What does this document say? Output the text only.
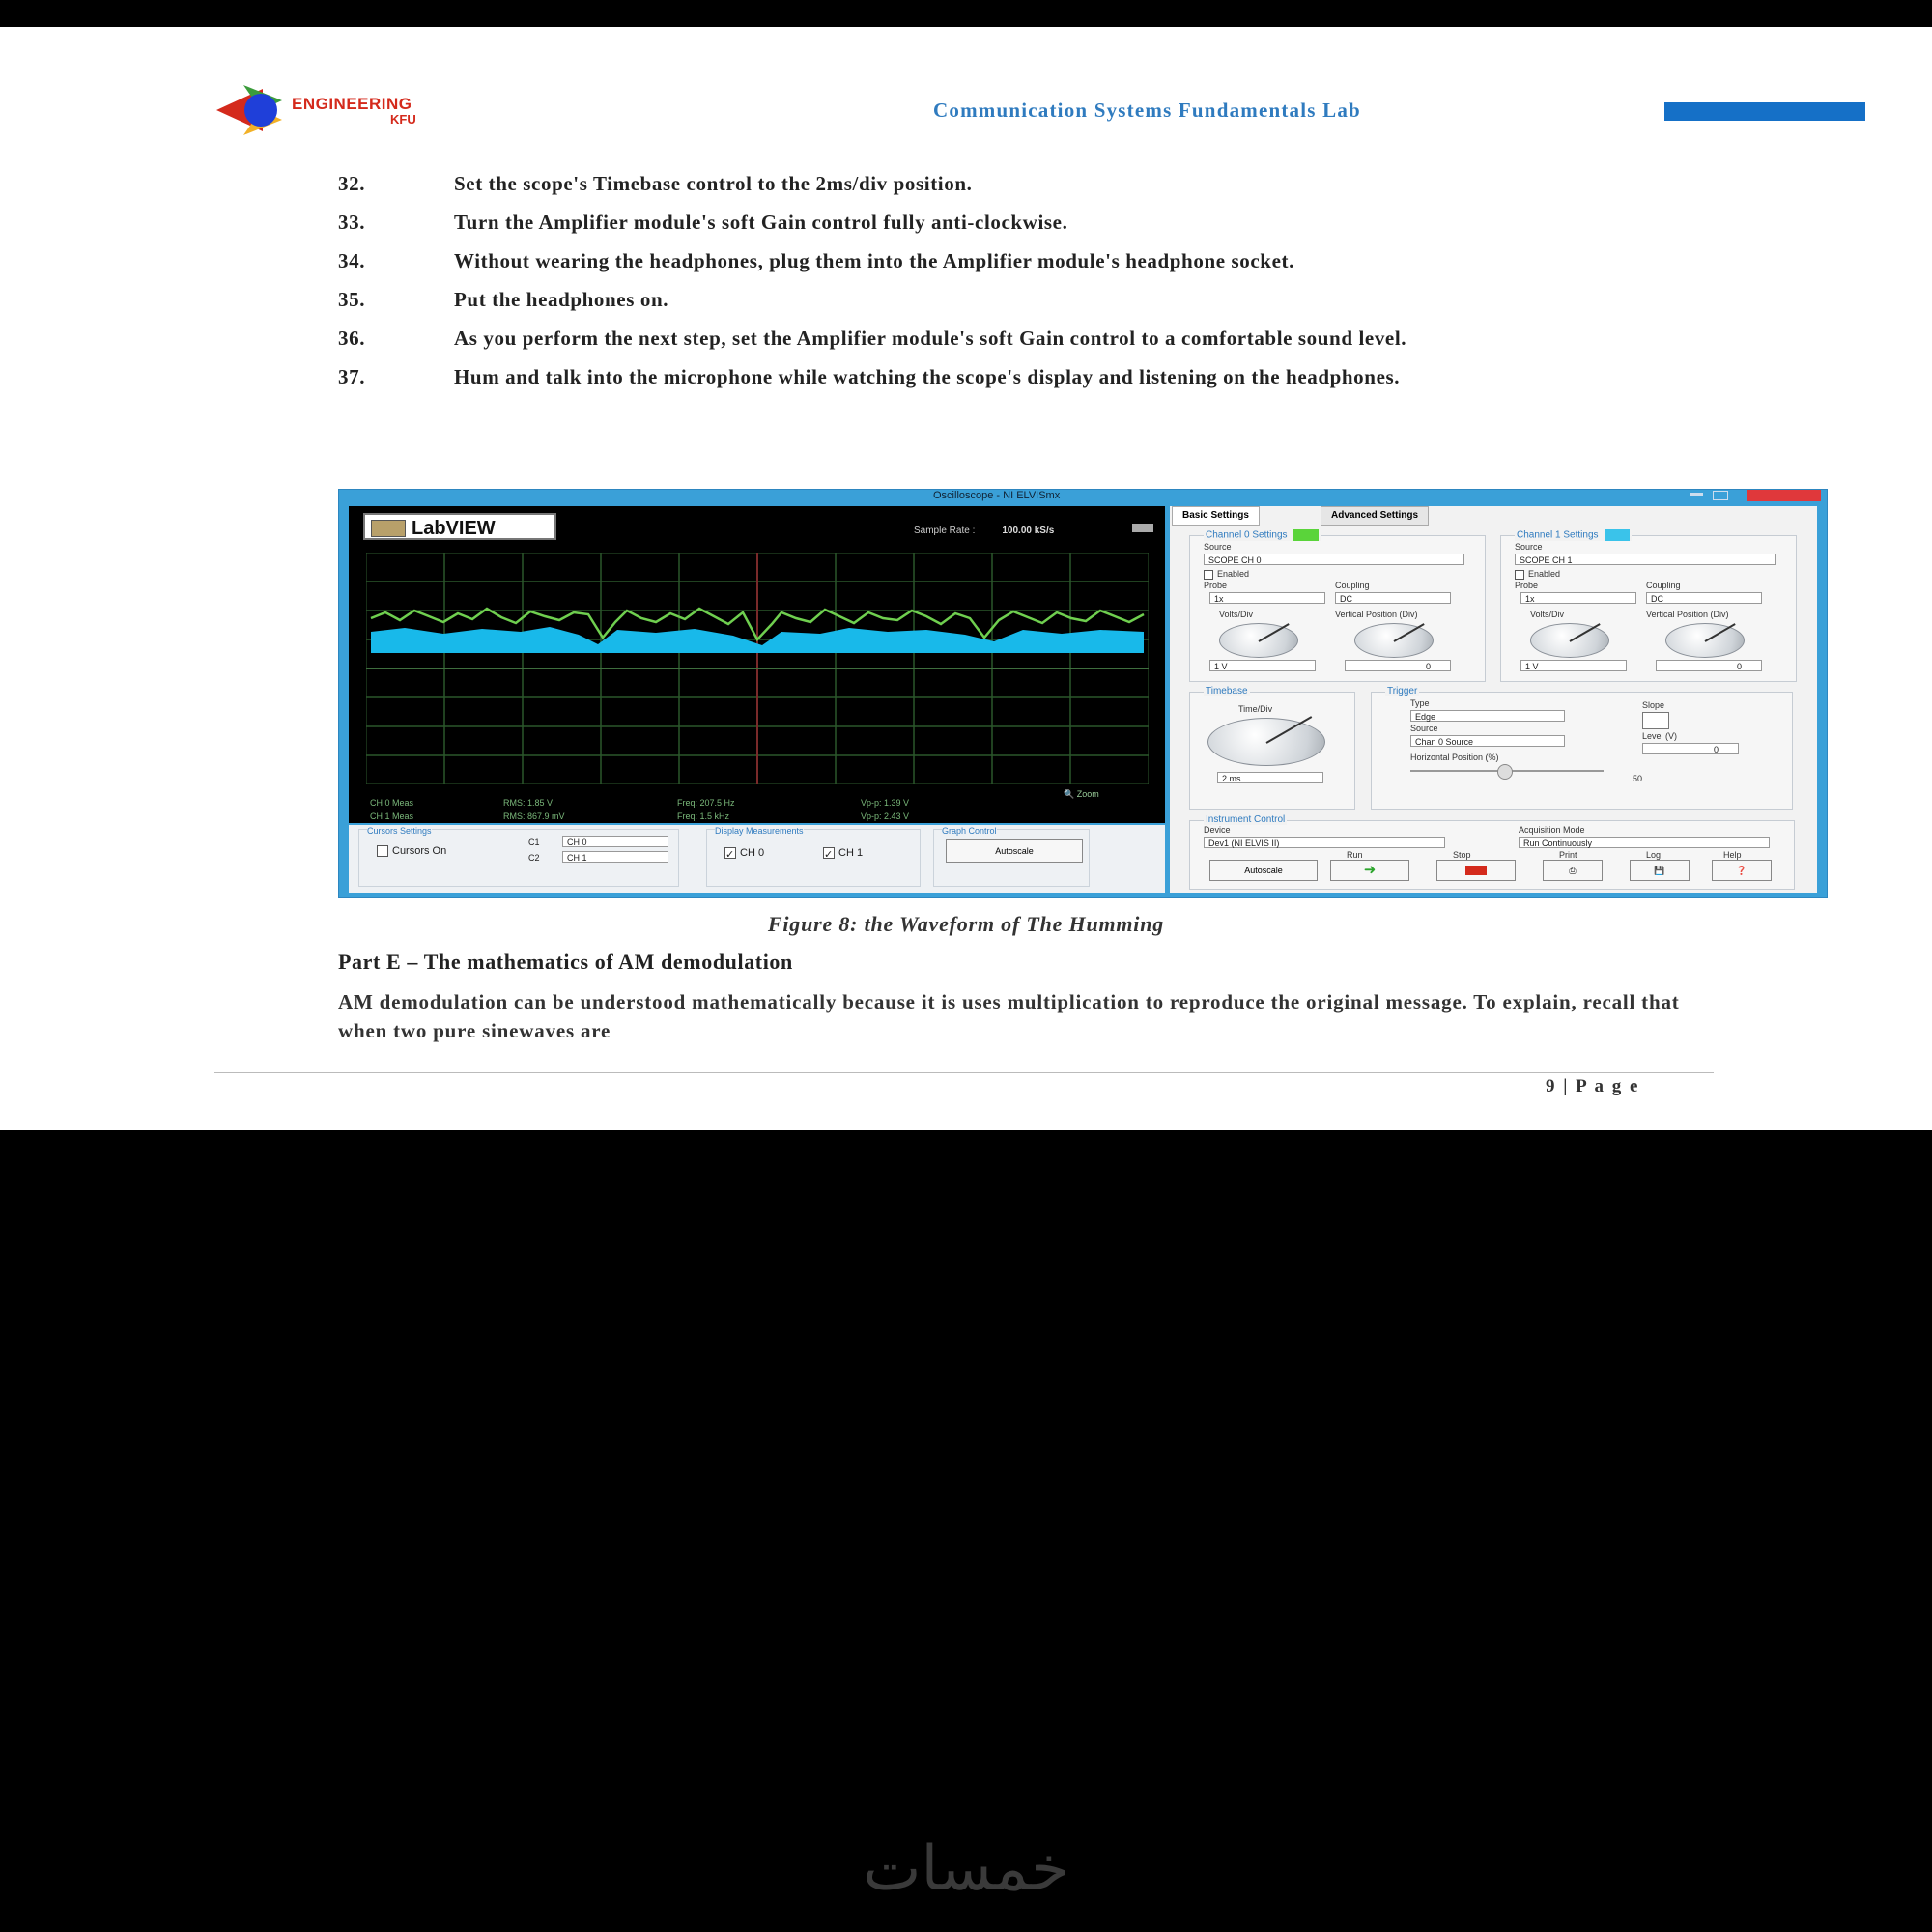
ENGINEERING
KFU	Communication Systems Fundamentals Lab
32.	Set the scope's Timebase control to the 2ms/div position.
33.	Turn the Amplifier module's soft Gain control fully anti-clockwise.
34.	Without wearing the headphones, plug them into the Amplifier module's headphone socket.
35.	Put the headphones on.
36.	As you perform the next step, set the Amplifier module's soft Gain control to a comfortable sound level.
37.	Hum and talk into the microphone while watching the scope's display and listening on the headphones.
Oscilloscope - NI ELVISmx
LabVIEW	Sample Rate :	100.00 kS/s
🔍 Zoom
CH 0 Meas	RMS: 1.85 V	Freq: 207.5 Hz	Vp-p: 1.39 V
CH 1 Meas	RMS: 867.9 mV	Freq: 1.5 kHz	Vp-p: 2.43 V
Cursors Settings
Cursors On
C1
C2
CH 0
CH 1
Display Measurements
✓ CH 0	✓ CH 1
Graph Control
Autoscale
Basic Settings	Advanced Settings
Channel 0 Settings
Source
SCOPE CH 0
Enabled
Probe
1x
Coupling
DC
Volts/Div	Vertical Position (Div)
1 V	0
Channel 1 Settings
Source
SCOPE CH 1
Enabled
Probe
1x
Coupling
DC
Volts/Div	Vertical Position (Div)
1 V	0
Timebase
Time/Div
2 ms
Trigger
Type
Edge
Source
Chan 0 Source
Horizontal Position (%)
50
Slope
Level (V)
0
Instrument Control
Device
Dev1 (NI ELVIS II)
Acquisition Mode
Run Continuously
Autoscale
Run
➜
Stop	Print
⎙
Log
💾
Help
❓
Figure 8: the Waveform of The Humming
Part E – The mathematics of AM demodulation
AM demodulation can be understood mathematically because it is uses multiplication to reproduce the original message. To explain, recall that when two pure sinewaves are
9 | P a g e
خمسات
